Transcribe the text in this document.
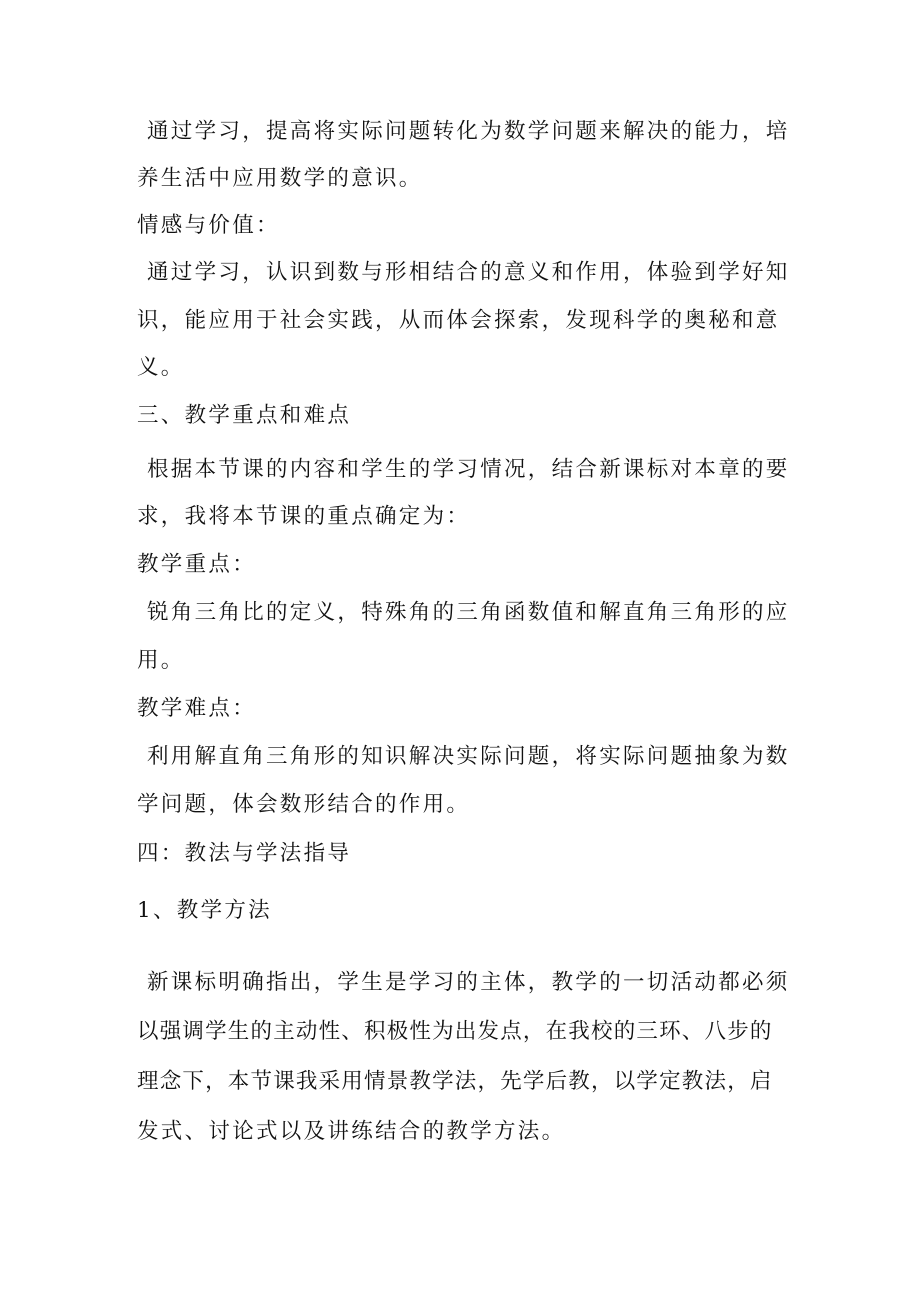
通过学习，提高将实际问题转化为数学问题来解决的能力，培
养生活中应用数学的意识。
情感与价值：
通过学习，认识到数与形相结合的意义和作用，体验到学好知
识，能应用于社会实践，从而体会探索，发现科学的奥秘和意
义。
三、教学重点和难点
根据本节课的内容和学生的学习情况，结合新课标对本章的要
求，我将本节课的重点确定为：
教学重点：
锐角三角比的定义，特殊角的三角函数值和解直角三角形的应
用。
教学难点：
利用解直角三角形的知识解决实际问题，将实际问题抽象为数
学问题，体会数形结合的作用。
四：教法与学法指导
1、教学方法
新课标明确指出，学生是学习的主体，教学的一切活动都必须
以强调学生的主动性、积极性为出发点，在我校的三环、八步的
理念下，本节课我采用情景教学法，先学后教，以学定教法，启
发式、讨论式以及讲练结合的教学方法。
